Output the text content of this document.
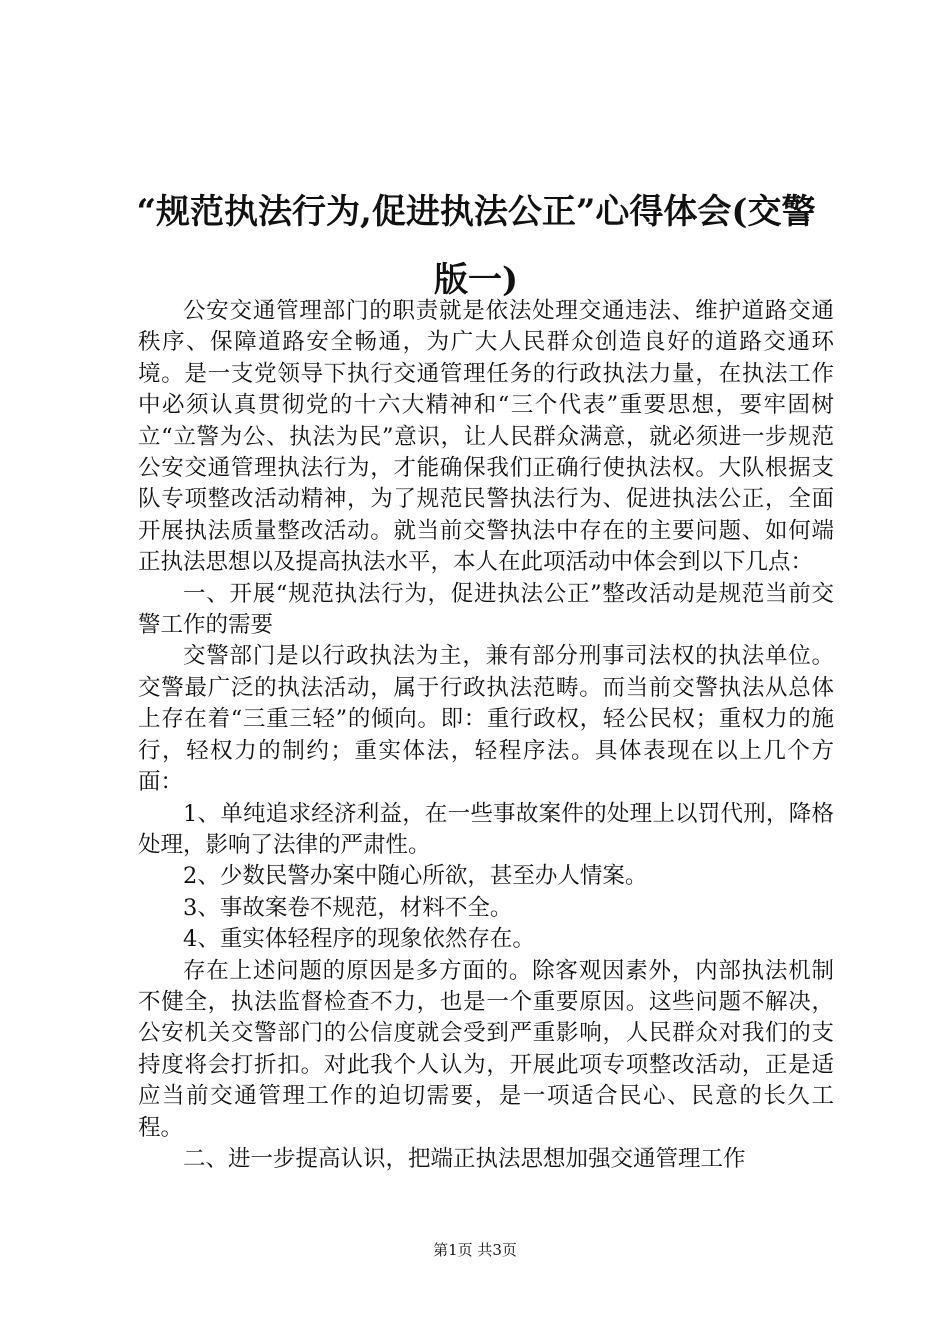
“规范执法行为,促进执法公正”心得体会(交警版一)

公安交通管理部门的职责就是依法处理交通违法、维护道路交通秩序、保障道路安全畅通，为广大人民群众创造良好的道路交通环境。是一支党领导下执行交通管理任务的行政执法力量，在执法工作中必须认真贯彻党的十六大精神和“三个代表”重要思想，要牢固树立“立警为公、执法为民”意识，让人民群众满意，就必须进一步规范公安交通管理执法行为，才能确保我们正确行使执法权。大队根据支队专项整改活动精神，为了规范民警执法行为、促进执法公正，全面开展执法质量整改活动。就当前交警执法中存在的主要问题、如何端正执法思想以及提高执法水平，本人在此项活动中体会到以下几点：

一、开展“规范执法行为，促进执法公正”整改活动是规范当前交警工作的需要

交警部门是以行政执法为主，兼有部分刑事司法权的执法单位。交警最广泛的执法活动，属于行政执法范畴。而当前交警执法从总体上存在着“三重三轻”的倾向。即：重行政权，轻公民权；重权力的施行，轻权力的制约；重实体法，轻程序法。具体表现在以上几个方面：

1、单纯追求经济利益，在一些事故案件的处理上以罚代刑，降格处理，影响了法律的严肃性。

2、少数民警办案中随心所欲，甚至办人情案。

3、事故案卷不规范，材料不全。

4、重实体轻程序的现象依然存在。

存在上述问题的原因是多方面的。除客观因素外，内部执法机制不健全，执法监督检查不力，也是一个重要原因。这些问题不解决，公安机关交警部门的公信度就会受到严重影响，人民群众对我们的支持度将会打折扣。对此我个人认为，开展此项专项整改活动，正是适应当前交通管理工作的迫切需要，是一项适合民心、民意的长久工程。

二、进一步提高认识，把端正执法思想加强交通管理工作

第1页 共3页
